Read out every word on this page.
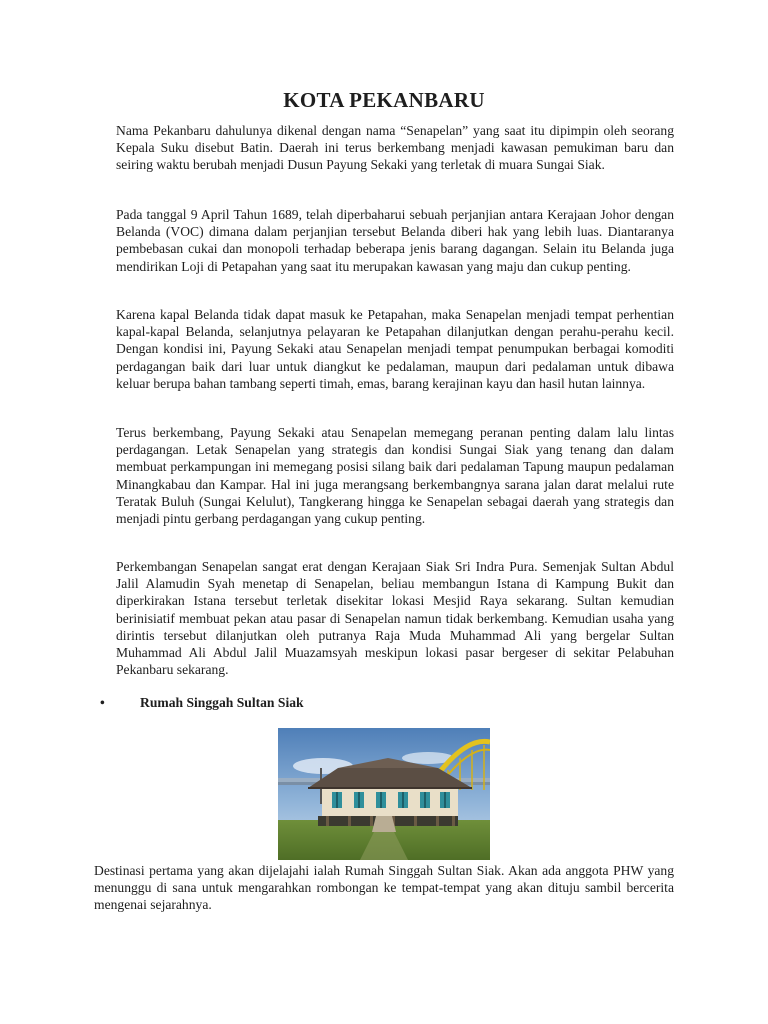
KOTA PEKANBARU

Nama Pekanbaru dahulunya dikenal dengan nama “Senapelan” yang saat itu dipimpin oleh seorang Kepala Suku disebut Batin. Daerah ini terus berkembang menjadi kawasan pemukiman baru dan seiring waktu berubah menjadi Dusun Payung Sekaki yang terletak di muara Sungai Siak.

Pada tanggal 9 April Tahun 1689, telah diperbaharui sebuah perjanjian antara Kerajaan Johor dengan Belanda (VOC) dimana dalam perjanjian tersebut Belanda diberi hak yang lebih luas. Diantaranya pembebasan cukai dan monopoli terhadap beberapa jenis barang dagangan. Selain itu Belanda juga mendirikan Loji di Petapahan yang saat itu merupakan kawasan yang maju dan cukup penting.

Karena kapal Belanda tidak dapat masuk ke Petapahan, maka Senapelan menjadi tempat perhentian kapal-kapal Belanda, selanjutnya pelayaran ke Petapahan dilanjutkan dengan perahu-perahu kecil. Dengan kondisi ini, Payung Sekaki atau Senapelan menjadi tempat penumpukan berbagai komoditi perdagangan baik dari luar untuk diangkut ke pedalaman, maupun dari pedalaman untuk dibawa keluar berupa bahan tambang seperti timah, emas, barang kerajinan kayu dan hasil hutan lainnya.

Terus berkembang, Payung Sekaki atau Senapelan memegang peranan penting dalam lalu lintas perdagangan. Letak Senapelan yang strategis dan kondisi Sungai Siak yang tenang dan dalam membuat perkampungan ini memegang posisi silang baik dari pedalaman Tapung maupun pedalaman Minangkabau dan Kampar. Hal ini juga merangsang berkembangnya sarana jalan darat melalui rute Teratak Buluh (Sungai Kelulut), Tangkerang hingga ke Senapelan sebagai daerah yang strategis dan menjadi pintu gerbang perdagangan yang cukup penting.

Perkembangan Senapelan sangat erat dengan Kerajaan Siak Sri Indra Pura. Semenjak Sultan Abdul Jalil Alamudin Syah menetap di Senapelan, beliau membangun Istana di Kampung Bukit dan diperkirakan Istana tersebut terletak disekitar lokasi Mesjid Raya sekarang. Sultan kemudian berinisiatif membuat pekan atau pasar di Senapelan namun tidak berkembang. Kemudian usaha yang dirintis tersebut dilanjutkan oleh putranya Raja Muda Muhammad Ali yang bergelar Sultan Muhammad Ali Abdul Jalil Muazamsyah meskipun lokasi pasar bergeser di sekitar Pelabuhan Pekanbaru sekarang.

•	Rumah Singgah Sultan Siak

Destinasi pertama yang akan dijelajahi ialah Rumah Singgah Sultan Siak. Akan ada anggota PHW yang menunggu di sana untuk mengarahkan rombongan ke tempat-tempat yang akan dituju sambil bercerita mengenai sejarahnya.
